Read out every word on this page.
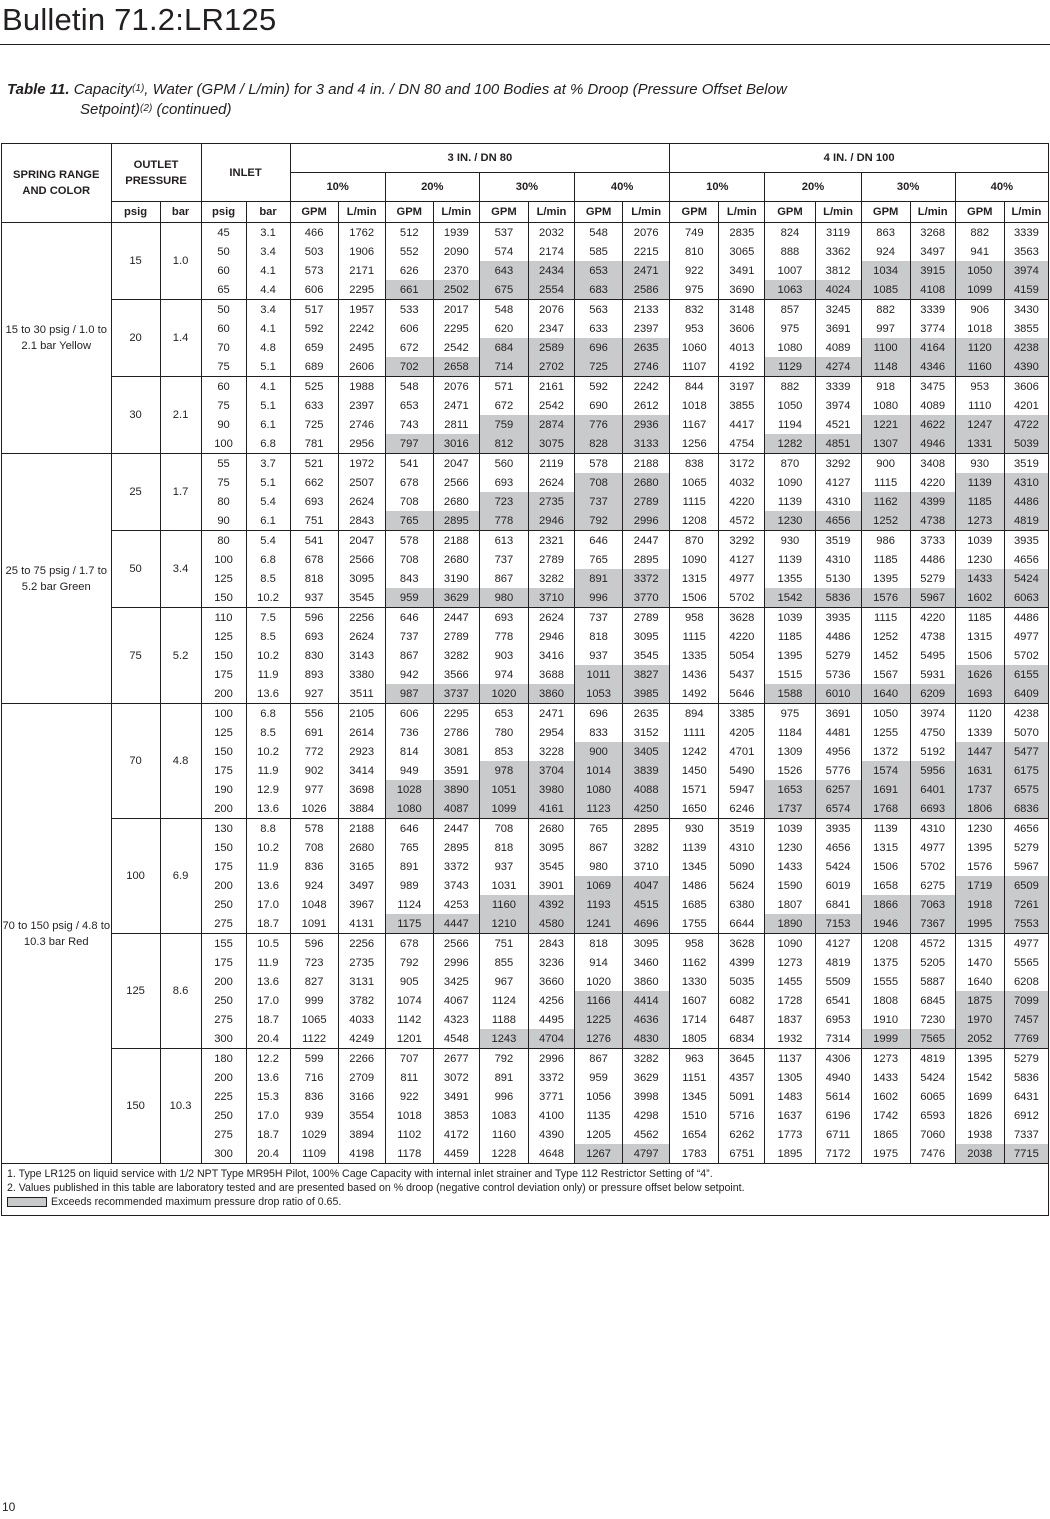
Bulletin 71.2:LR125
Table 11. Capacity$^{(1)}$, Water (GPM / L/min) for 3 and 4 in. / DN 80 and 100 Bodies at % Droop (Pressure Offset Below
Setpoint)$^{(2)}$ (continued)
SPRING RANGE AND COLOR	OUTLET PRESSURE		INLET		3 IN. / DN 80								4 IN. / DN 100							
					10%		20%		30%		40%		10%		20%		30%		40%	
	psig	bar	psig	bar	GPM	L/min	GPM	L/min	GPM	L/min	GPM	L/min	GPM	L/min	GPM	L/min	GPM	L/min	GPM	L/min
15 to 30 psig / 1.0 to 2.1 bar Yellow	15	1.0	45	3.1	466	1762	512	1939	537	2032	548	2076	749	2835	824	3119	863	3268	882	3339
			50	3.4	503	1906	552	2090	574	2174	585	2215	810	3065	888	3362	924	3497	941	3563
			60	4.1	573	2171	626	2370	643	2434	653	2471	922	3491	1007	3812	1034	3915	1050	3974
			65	4.4	606	2295	661	2502	675	2554	683	2586	975	3690	1063	4024	1085	4108	1099	4159
	20	1.4	50	3.4	517	1957	533	2017	548	2076	563	2133	832	3148	857	3245	882	3339	906	3430
			60	4.1	592	2242	606	2295	620	2347	633	2397	953	3606	975	3691	997	3774	1018	3855
			70	4.8	659	2495	672	2542	684	2589	696	2635	1060	4013	1080	4089	1100	4164	1120	4238
			75	5.1	689	2606	702	2658	714	2702	725	2746	1107	4192	1129	4274	1148	4346	1160	4390
	30	2.1	60	4.1	525	1988	548	2076	571	2161	592	2242	844	3197	882	3339	918	3475	953	3606
			75	5.1	633	2397	653	2471	672	2542	690	2612	1018	3855	1050	3974	1080	4089	1110	4201
			90	6.1	725	2746	743	2811	759	2874	776	2936	1167	4417	1194	4521	1221	4622	1247	4722
			100	6.8	781	2956	797	3016	812	3075	828	3133	1256	4754	1282	4851	1307	4946	1331	5039
25 to 75 psig / 1.7 to 5.2 bar Green	25	1.7	55	3.7	521	1972	541	2047	560	2119	578	2188	838	3172	870	3292	900	3408	930	3519
			75	5.1	662	2507	678	2566	693	2624	708	2680	1065	4032	1090	4127	1115	4220	1139	4310
			80	5.4	693	2624	708	2680	723	2735	737	2789	1115	4220	1139	4310	1162	4399	1185	4486
			90	6.1	751	2843	765	2895	778	2946	792	2996	1208	4572	1230	4656	1252	4738	1273	4819
	50	3.4	80	5.4	541	2047	578	2188	613	2321	646	2447	870	3292	930	3519	986	3733	1039	3935
			100	6.8	678	2566	708	2680	737	2789	765	2895	1090	4127	1139	4310	1185	4486	1230	4656
			125	8.5	818	3095	843	3190	867	3282	891	3372	1315	4977	1355	5130	1395	5279	1433	5424
			150	10.2	937	3545	959	3629	980	3710	996	3770	1506	5702	1542	5836	1576	5967	1602	6063
	75	5.2	110	7.5	596	2256	646	2447	693	2624	737	2789	958	3628	1039	3935	1115	4220	1185	4486
			125	8.5	693	2624	737	2789	778	2946	818	3095	1115	4220	1185	4486	1252	4738	1315	4977
			150	10.2	830	3143	867	3282	903	3416	937	3545	1335	5054	1395	5279	1452	5495	1506	5702
			175	11.9	893	3380	942	3566	974	3688	1011	3827	1436	5437	1515	5736	1567	5931	1626	6155
			200	13.6	927	3511	987	3737	1020	3860	1053	3985	1492	5646	1588	6010	1640	6209	1693	6409
70 to 150 psig / 4.8 to 10.3 bar Red	70	4.8	100	6.8	556	2105	606	2295	653	2471	696	2635	894	3385	975	3691	1050	3974	1120	4238
			125	8.5	691	2614	736	2786	780	2954	833	3152	1111	4205	1184	4481	1255	4750	1339	5070
			150	10.2	772	2923	814	3081	853	3228	900	3405	1242	4701	1309	4956	1372	5192	1447	5477
			175	11.9	902	3414	949	3591	978	3704	1014	3839	1450	5490	1526	5776	1574	5956	1631	6175
			190	12.9	977	3698	1028	3890	1051	3980	1080	4088	1571	5947	1653	6257	1691	6401	1737	6575
			200	13.6	1026	3884	1080	4087	1099	4161	1123	4250	1650	6246	1737	6574	1768	6693	1806	6836
	100	6.9	130	8.8	578	2188	646	2447	708	2680	765	2895	930	3519	1039	3935	1139	4310	1230	4656
			150	10.2	708	2680	765	2895	818	3095	867	3282	1139	4310	1230	4656	1315	4977	1395	5279
			175	11.9	836	3165	891	3372	937	3545	980	3710	1345	5090	1433	5424	1506	5702	1576	5967
			200	13.6	924	3497	989	3743	1031	3901	1069	4047	1486	5624	1590	6019	1658	6275	1719	6509
			250	17.0	1048	3967	1124	4253	1160	4392	1193	4515	1685	6380	1807	6841	1866	7063	1918	7261
			275	18.7	1091	4131	1175	4447	1210	4580	1241	4696	1755	6644	1890	7153	1946	7367	1995	7553
	125	8.6	155	10.5	596	2256	678	2566	751	2843	818	3095	958	3628	1090	4127	1208	4572	1315	4977
			175	11.9	723	2735	792	2996	855	3236	914	3460	1162	4399	1273	4819	1375	5205	1470	5565
			200	13.6	827	3131	905	3425	967	3660	1020	3860	1330	5035	1455	5509	1555	5887	1640	6208
			250	17.0	999	3782	1074	4067	1124	4256	1166	4414	1607	6082	1728	6541	1808	6845	1875	7099
			275	18.7	1065	4033	1142	4323	1188	4495	1225	4636	1714	6487	1837	6953	1910	7230	1970	7457
			300	20.4	1122	4249	1201	4548	1243	4704	1276	4830	1805	6834	1932	7314	1999	7565	2052	7769
	150	10.3	180	12.2	599	2266	707	2677	792	2996	867	3282	963	3645	1137	4306	1273	4819	1395	5279
			200	13.6	716	2709	811	3072	891	3372	959	3629	1151	4357	1305	4940	1433	5424	1542	5836
			225	15.3	836	3166	922	3491	996	3771	1056	3998	1345	5091	1483	5614	1602	6065	1699	6431
			250	17.0	939	3554	1018	3853	1083	4100	1135	4298	1510	5716	1637	6196	1742	6593	1826	6912
			275	18.7	1029	3894	1102	4172	1160	4390	1205	4562	1654	6262	1773	6711	1865	7060	1938	7337
			300	20.4	1109	4198	1178	4459	1228	4648	1267	4797	1783	6751	1895	7172	1975	7476	2038	7715

1. Type LR125 on liquid service with 1/2 NPT Type MR95H Pilot, 100% Cage Capacity with internal inlet strainer and Type 112 Restrictor Setting of “4”.
2. Values published in this table are laboratory tested and are presented based on % droop (negative control deviation only) or pressure offset below setpoint.
Exceeds recommended maximum pressure drop ratio of 0.65.																				
10
